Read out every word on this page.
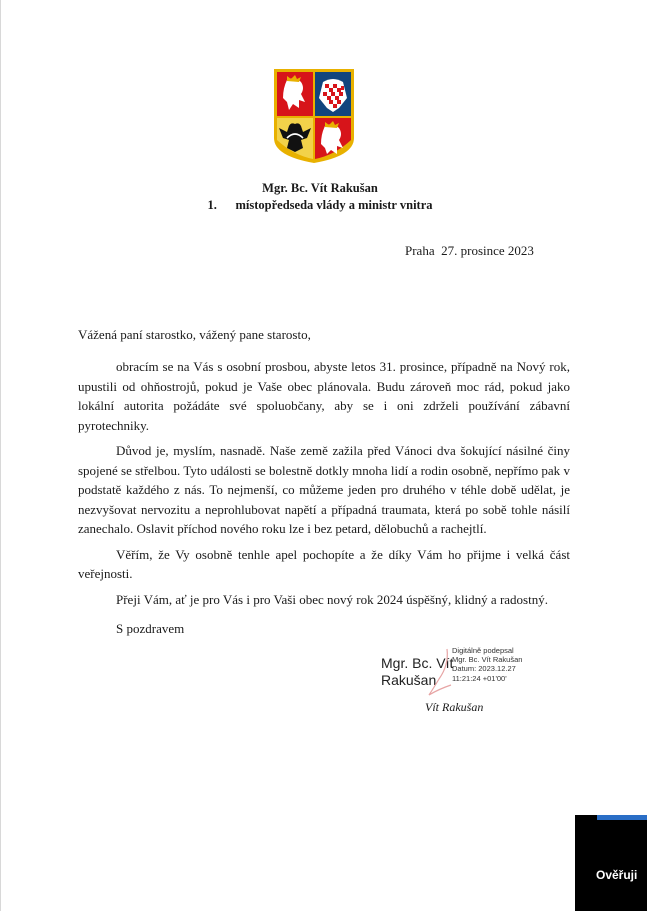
Mgr. Bc. Vít Rakušan
1. místopředseda vlády a ministr vnitra
Praha 27. prosince 2023
Vážená paní starostko, vážený pane starosto,

obracím se na Vás s osobní prosbou, abyste letos 31. prosince, případně na Nový rok, upustili od ohňostrojů, pokud je Vaše obec plánovala. Budu zároveň moc rád, pokud jako lokální autorita požádáte své spoluobčany, aby se i oni zdrželi používání zábavní pyrotechniky.

Důvod je, myslím, nasnadě. Naše země zažila před Vánoci dva šokující násilné činy spojené se střelbou. Tyto události se bolestně dotkly mnoha lidí a rodin osobně, nepřímo pak v podstatě každého z nás. To nejmenší, co můžeme jeden pro druhého v téhle době udělat, je nezvyšovat nervozitu a neprohlubovat napětí a případná traumata, která po sobě tohle násilí zanechalo. Oslavit příchod nového roku lze i bez petard, dělobuchů a rachejtlí.

Věřím, že Vy osobně tenhle apel pochopíte a že díky Vám ho přijme i velká část veřejnosti.

Přeji Vám, ať je pro Vás i pro Vaši obec nový rok 2024 úspěšný, klidný a radostný.

S pozdravem
Mgr. Bc. Vít
Rakušan
Digitálně podepsal
Mgr. Bc. Vít Rakušan
Datum: 2023.12.27
11:21:24 +01'00'
Vít Rakušan
Ověřuji
